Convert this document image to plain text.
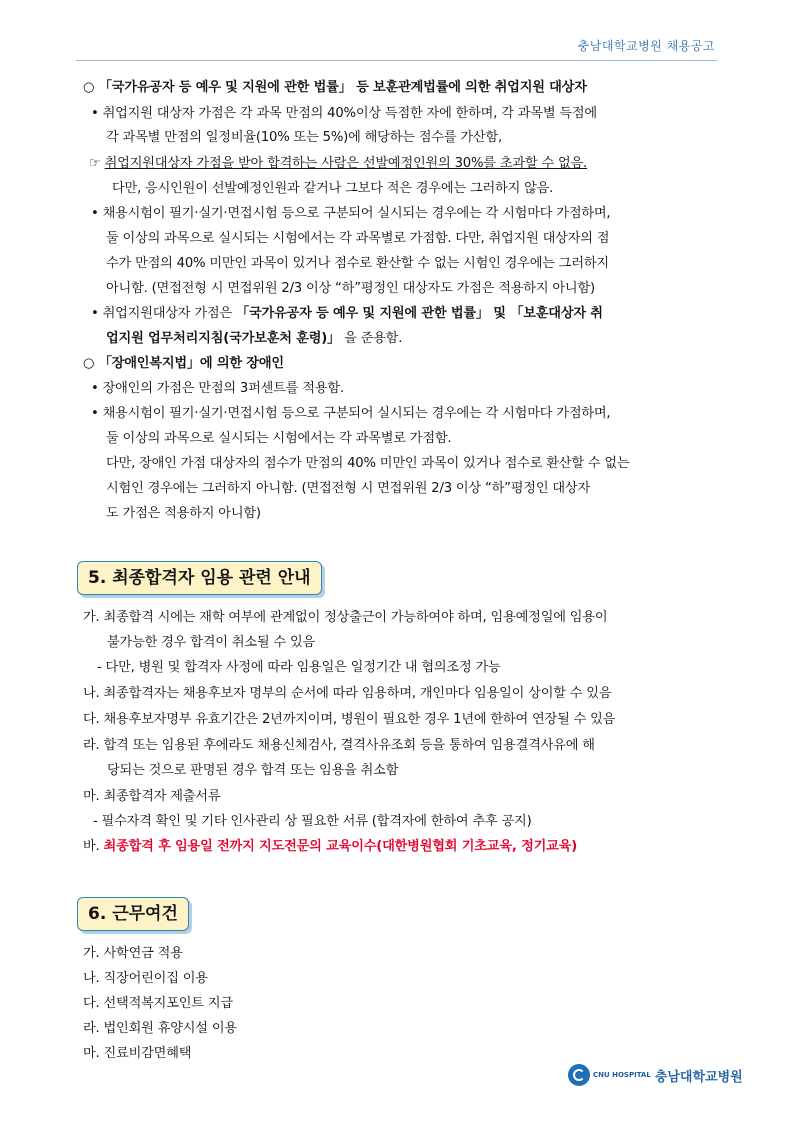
충남대학교병원 채용공고
○ 「국가유공자 등 예우 및 지원에 관한 법률」 등 보훈관계법률에 의한 취업지원 대상자
• 취업지원 대상자 가점은 각 과목 만점의 40%이상 득점한 자에 한하며, 각 과목별 득점에
각 과목별 만점의 일정비율(10% 또는 5%)에 해당하는 점수를 가산함,
☞ 취업지원대상자 가점을 받아 합격하는 사람은 선발예정인원의 30%를 초과할 수 없음.
다만, 응시인원이 선발예정인원과 같거나 그보다 적은 경우에는 그러하지 않음.
• 채용시험이 필기·실기·면접시험 등으로 구분되어 실시되는 경우에는 각 시험마다 가점하며,
둘 이상의 과목으로 실시되는 시험에서는 각 과목별로 가점함. 다만, 취업지원 대상자의 점
수가 만점의 40% 미만인 과목이 있거나 점수로 환산할 수 없는 시험인 경우에는 그러하지
아니함. (면접전형 시 면접위원 2/3 이상 “하”평정인 대상자도 가점은 적용하지 아니함)
• 취업지원대상자 가점은 「국가유공자 등 예우 및 지원에 관한 법률」 및 「보훈대상자 취
업지원 업무처리지침(국가보훈처 훈령)」 을 준용함.
○ 「장애인복지법」에 의한 장애인
• 장애인의 가점은 만점의 3퍼센트를 적용함.
• 채용시험이 필기·실기·면접시험 등으로 구분되어 실시되는 경우에는 각 시험마다 가점하며,
둘 이상의 과목으로 실시되는 시험에서는 각 과목별로 가점함.
다만, 장애인 가점 대상자의 점수가 만점의 40% 미만인 과목이 있거나 점수로 환산할 수 없는
시험인 경우에는 그러하지 아니함. (면접전형 시 면접위원 2/3 이상 “하”평정인 대상자
도 가점은 적용하지 아니함)
5. 최종합격자 임용 관련 안내
가. 최종합격 시에는 재학 여부에 관계없이 정상출근이 가능하여야 하며, 임용예정일에 임용이
불가능한 경우 합격이 취소될 수 있음
- 다만, 병원 및 합격자 사정에 따라 임용일은 일정기간 내 협의조정 가능
나. 최종합격자는 채용후보자 명부의 순서에 따라 임용하며, 개인마다 임용일이 상이할 수 있음
다. 채용후보자명부 유효기간은 2년까지이며, 병원이 필요한 경우 1년에 한하여 연장될 수 있음
라. 합격 또는 임용된 후에라도 채용신체검사, 결격사유조회 등을 통하여 임용결격사유에 해
당되는 것으로 판명된 경우 합격 또는 임용을 취소함
마. 최종합격자 제출서류
- 필수자격 확인 및 기타 인사관리 상 필요한 서류 (합격자에 한하여 추후 공지)
바. 최종합격 후 임용일 전까지 지도전문의 교육이수(대한병원협회 기초교육, 정기교육)
6. 근무여건
가. 사학연금 적용
나. 직장어린이집 이용
다. 선택적복지포인트 지급
라. 법인회원 휴양시설 이용
마. 진료비감면혜택
CNU HOSPITAL 충남대학교병원
